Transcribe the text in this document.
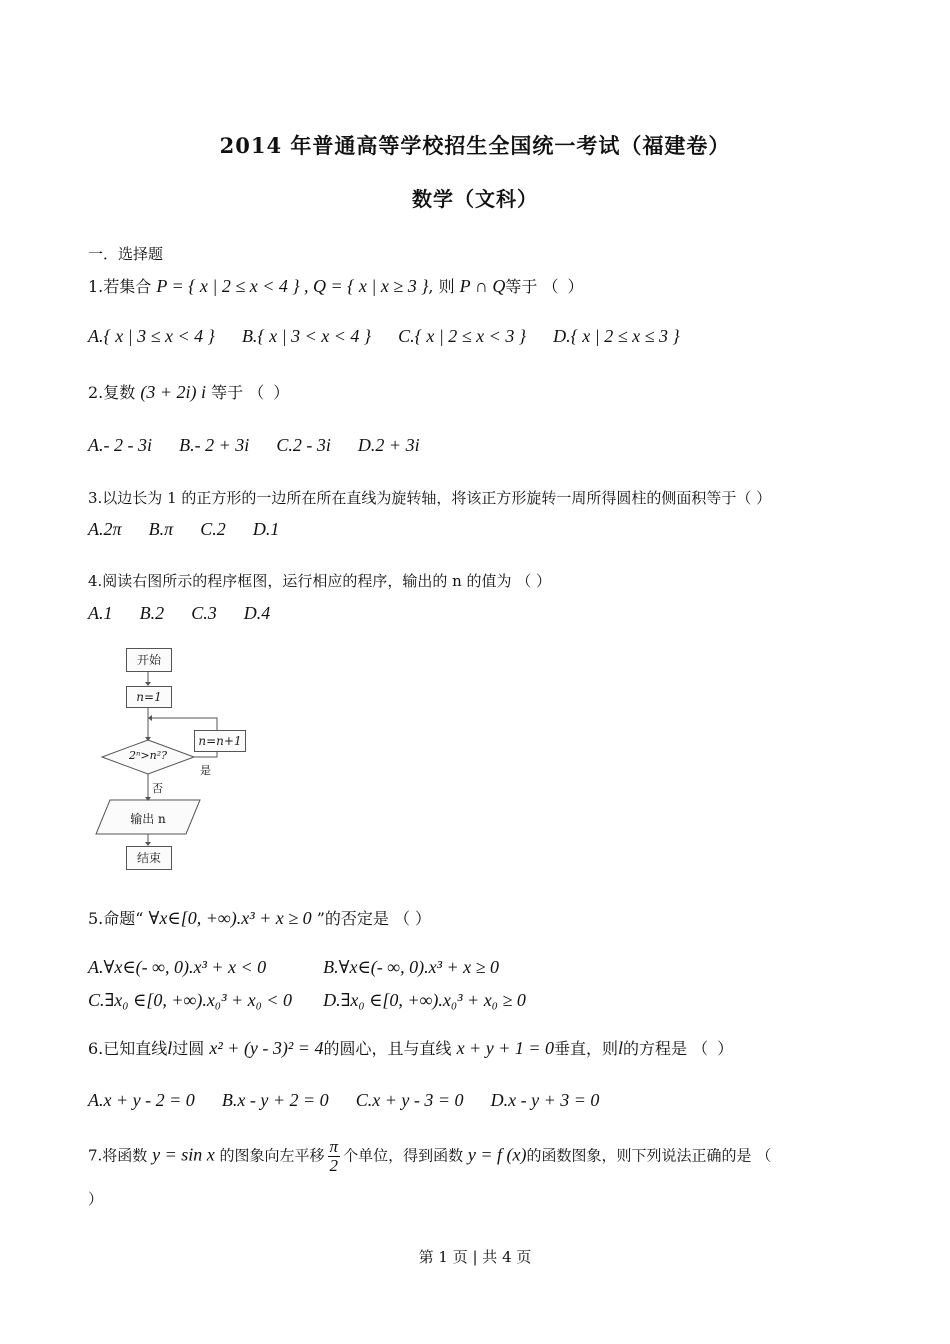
2014 年普通高等学校招生全国统一考试（福建卷）
数学（文科）
一．选择题
1.若集合 P = { x | 2 ≤ x < 4 } , Q = { x | x ≥ 3 }, 则 P ∩ Q等于 （ ）
A.{ x | 3 ≤ x < 4 } B.{ x | 3 < x < 4 } C.{ x | 2 ≤ x < 3 } D.{ x | 2 ≤ x ≤ 3 }
2.复数 (3 + 2i) i 等于 （ ）
A.- 2 - 3i B.- 2 + 3i C.2 - 3i D.2 + 3i
3.以边长为 1 的正方形的一边所在所在直线为旋转轴，将该正方形旋转一周所得圆柱的侧面积等于（ ）
A.2π B.π C.2 D.1
4.阅读右图所示的程序框图，运行相应的程序，输出的 n 的值为 （ ）
A.1 B.2 C.3 D.4
开始
n=1
n=n+1
2ⁿ>n²?
是
否
输出 n
结束
5.命题“ ∀x∈[0, +∞).x³ + x ≥ 0 ”的否定是 （ ）
A.∀x∈(- ∞, 0).x³ + x < 0	B.∀x∈(- ∞, 0).x³ + x ≥ 0
C.∃x₀ ∈[0, +∞).x₀³ + x₀ < 0 D.∃x₀ ∈[0, +∞).x₀³ + x₀ ≥ 0
6.已知直线l过圆 x² + (y - 3)² = 4的圆心，且与直线 x + y + 1 = 0垂直，则l的方程是 （ ）
A.x + y - 2 = 0 B.x - y + 2 = 0 C.x + y - 3 = 0 D.x - y + 3 = 0
7.将函数 y = sin x 的图象向左平移 $\frac{\pi}{2}$ 个单位，得到函数 y = f (x)的函数图象，则下列说法正确的是 （
）
第 1 页 | 共 4 页
